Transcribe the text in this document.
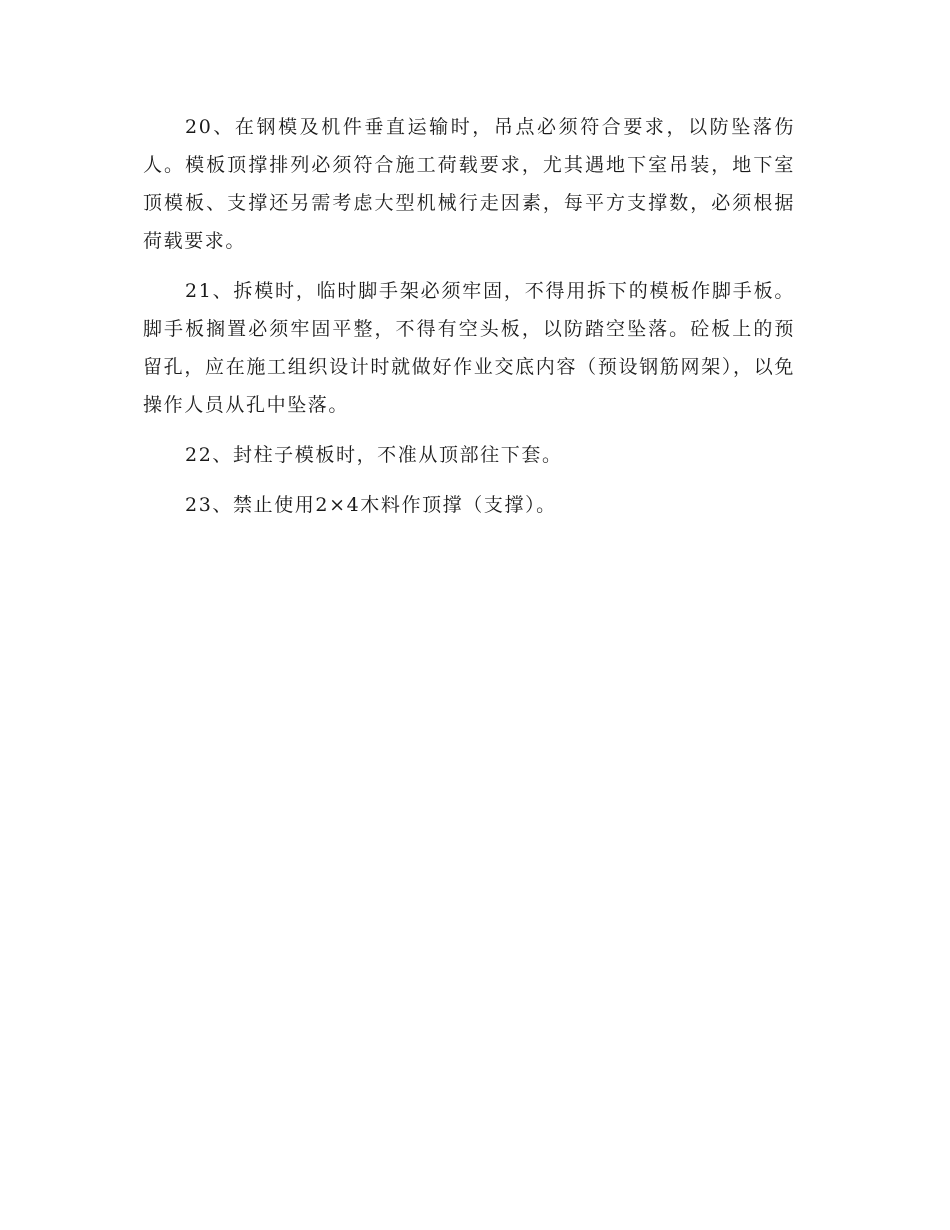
20、在钢模及机件垂直运输时，吊点必须符合要求，以防坠落伤人。模板顶撑排列必须符合施工荷载要求，尤其遇地下室吊装，地下室顶模板、支撑还另需考虑大型机械行走因素，每平方支撑数，必须根据荷载要求。

21、拆模时，临时脚手架必须牢固，不得用拆下的模板作脚手板。脚手板搁置必须牢固平整，不得有空头板，以防踏空坠落。砼板上的预留孔，应在施工组织设计时就做好作业交底内容（预设钢筋网架），以免操作人员从孔中坠落。

22、封柱子模板时，不准从顶部往下套。

23、禁止使用2×4木料作顶撑（支撑）。
